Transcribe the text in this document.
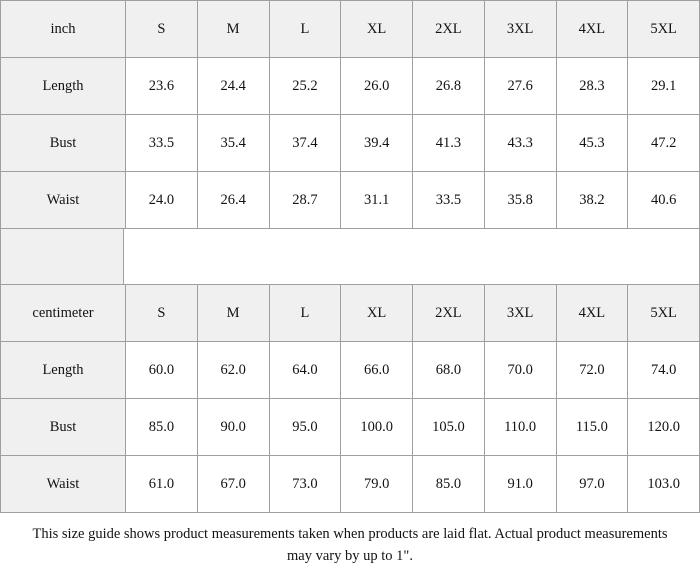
inch	S	M	L	XL	2XL	3XL	4XL	5XL
Length	23.6	24.4	25.2	26.0	26.8	27.6	28.3	29.1
Bust	33.5	35.4	37.4	39.4	41.3	43.3	45.3	47.2
Waist	24.0	26.4	28.7	31.1	33.5	35.8	38.2	40.6
centimeter	S	M	L	XL	2XL	3XL	4XL	5XL
Length	60.0	62.0	64.0	66.0	68.0	70.0	72.0	74.0
Bust	85.0	90.0	95.0	100.0	105.0	110.0	115.0	120.0
Waist	61.0	67.0	73.0	79.0	85.0	91.0	97.0	103.0
This size guide shows product measurements taken when products are laid flat. Actual product measurements may vary by up to 1".
